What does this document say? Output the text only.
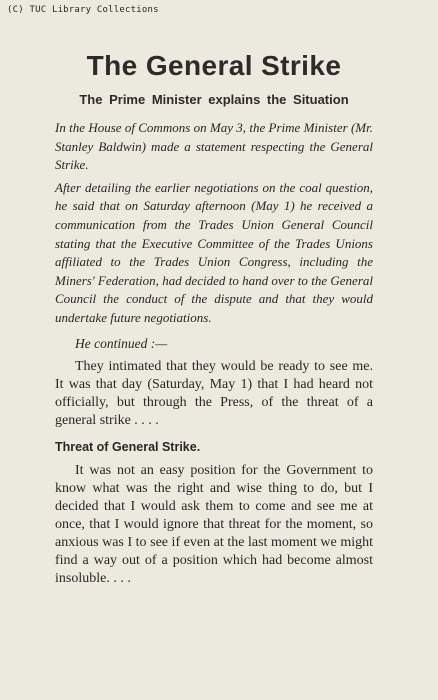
(C) TUC Library Collections
The General Strike
The Prime Minister explains the Situation

In the House of Commons on May 3, the Prime Minister (Mr. Stanley Baldwin) made a statement respecting the General Strike.

After detailing the earlier negotiations on the coal question, he said that on Saturday afternoon (May 1) he received a communication from the Trades Union General Council stating that the Executive Committee of the Trades Unions affiliated to the Trades Union Congress, including the Miners' Federation, had decided to hand over to the General Council the conduct of the dispute and that they would undertake future negotiations.

He continued :—

They intimated that they would be ready to see me. It was that day (Saturday, May 1) that I had heard not officially, but through the Press, of the threat of a general strike . . . .

Threat of General Strike.

It was not an easy position for the Government to know what was the right and wise thing to do, but I decided that I would ask them to come and see me at once, that I would ignore that threat for the moment, so anxious was I to see if even at the last moment we might find a way out of a position which had become almost insoluble. . . .
